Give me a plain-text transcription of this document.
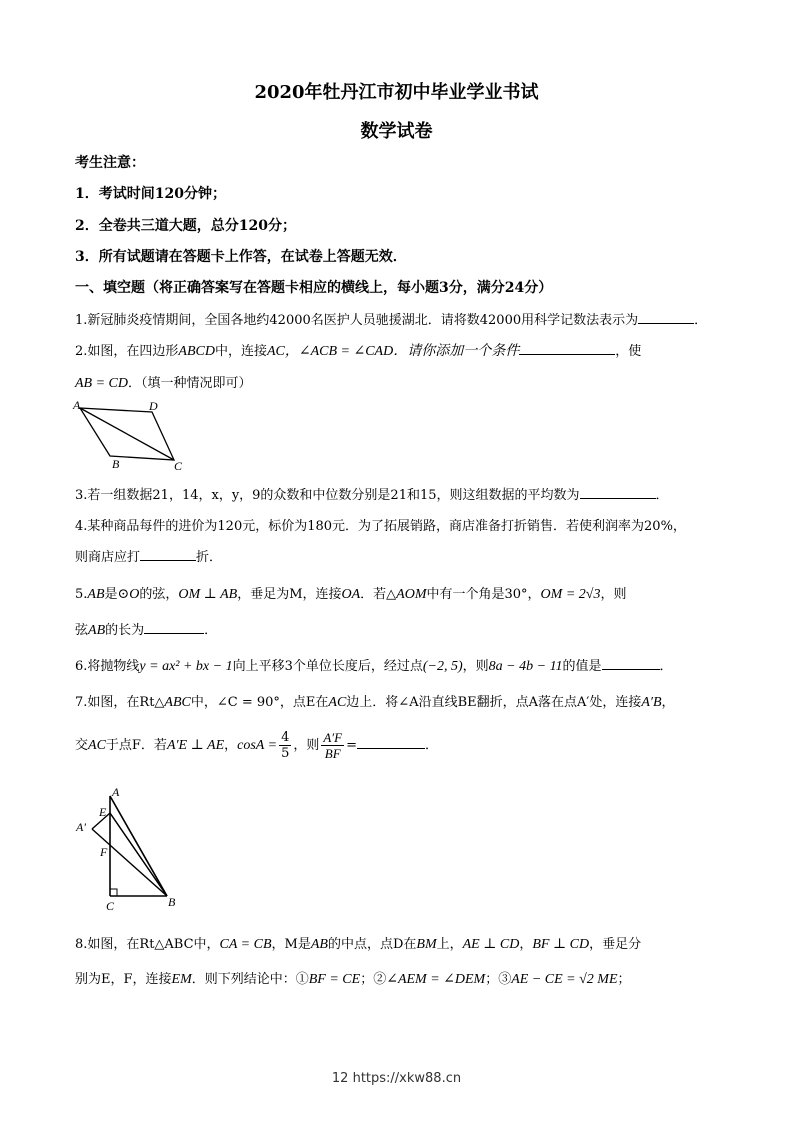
2020年牡丹江市初中毕业学业书试
数学试卷
考生注意：
1．考试时间120分钟；
2．全卷共三道大题，总分120分；
3．所有试题请在答题卡上作答，在试卷上答题无效．
一、填空题（将正确答案写在答题卡相应的横线上，每小题3分，满分24分）
1.新冠肺炎疫情期间，全国各地约42000名医护人员驰援湖北．请将数42000用科学记数法表示为	．
2.如图，在四边形ABCD中，连接AC，∠ACB = ∠CAD．请你添加一个条件	，使
AB = CD．（填一种情况即可）
A	D
B	C
3.若一组数据21，14，x，y，9的众数和中位数分别是21和15，则这组数据的平均数为	．
4.某种商品每件的进价为120元，标价为180元．为了拓展销路，商店准备打折销售．若使利润率为20%，
则商店应打	折．
5.AB是⊙O的弦，OM ⊥ AB，垂足为M，连接OA．若△AOM中有一个角是30°，OM = 2√3，则
弦AB的长为	．
6.将抛物线y = ax² + bx − 1向上平移3个单位长度后，经过点(−2, 5)，则8a − 4b − 11的值是	．
7.如图，在Rt△ABC中，∠C = 90°，点E在AC边上．将∠A沿直线BE翻折，点A落在点A′处，连接A′B，
交AC于点F．若A′E ⊥ AE，$\cos A = \frac{4}{5}$ ，则 $\frac{A'F}{BF}$ =	．
A
A′
E
F
C	B
8.如图，在Rt△ABC中，CA = CB，M是AB的中点，点D在BM上，AE ⊥ CD，BF ⊥ CD，垂足分
别为E，F，连接EM．则下列结论中：①BF = CE；②∠AEM = ∠DEM；③AE − CE = √2 ME；
12 https://xkw88.cn
